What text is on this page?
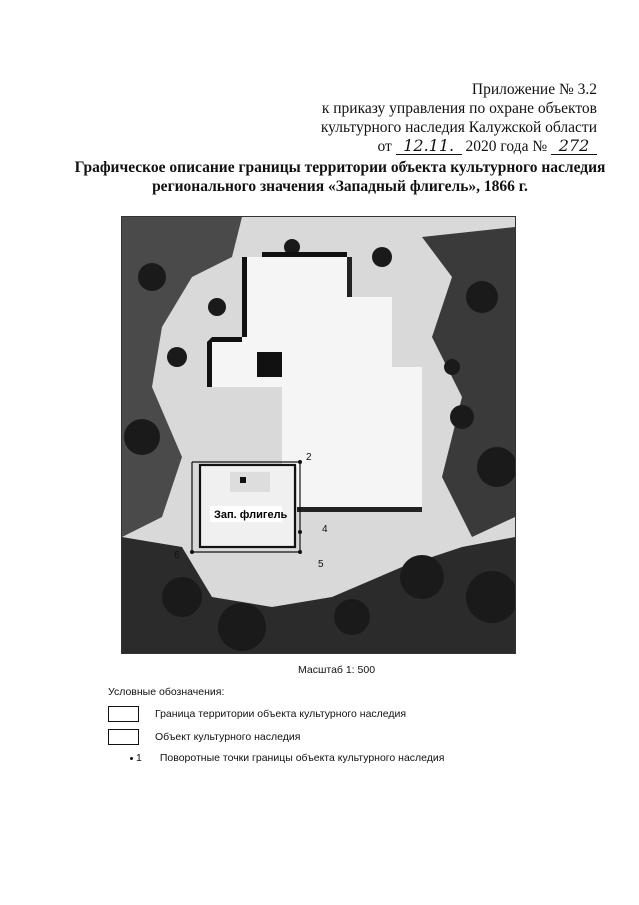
Приложение № 3.2
к приказу управления по охране объектов
культурного наследия Калужской области
от 12.11. 2020 года № 272
Графическое описание границы территории объекта культурного наследия
регионального значения «Западный флигель», 1866 г.
2
4
5
6
Зап. флигель
Масштаб 1: 500
Условные обозначения:
Граница территории объекта культурного наследия
Объект культурного наследия
1 Поворотные точки границы объекта культурного наследия
